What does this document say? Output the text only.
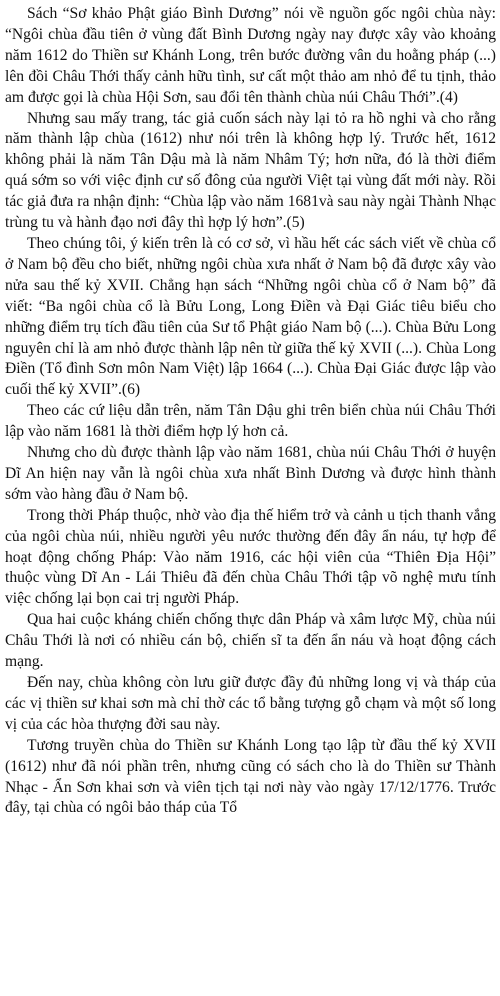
Sách “Sơ khảo Phật giáo Bình Dương” nói về nguồn gốc ngôi chùa này: “Ngôi chùa đầu tiên ở vùng đất Bình Dương ngày nay được xây vào khoảng năm 1612 do Thiền sư Khánh Long, trên bước đường vân du hoằng pháp (...) lên đồi Châu Thới thấy cảnh hữu tình, sư cất một thảo am nhỏ để tu tịnh, thảo am được gọi là chùa Hội Sơn, sau đổi tên thành chùa núi Châu Thới”.(4)

Nhưng sau mấy trang, tác giả cuốn sách này lại tỏ ra hồ nghi và cho rằng năm thành lập chùa (1612) như nói trên là không hợp lý. Trước hết, 1612 không phải là năm Tân Dậu mà là năm Nhâm Tý; hơn nữa, đó là thời điểm quá sớm so với việc định cư số đông của người Việt tại vùng đất mới này. Rồi tác giả đưa ra nhận định: “Chùa lập vào năm 1681và sau này ngài Thành Nhạc trùng tu và hành đạo nơi đây thì hợp lý hơn”.(5)

Theo chúng tôi, ý kiến trên là có cơ sở, vì hầu hết các sách viết về chùa cổ ở Nam bộ đều cho biết, những ngôi chùa xưa nhất ở Nam bộ đã được xây vào nửa sau thế kỷ XVII. Chẳng hạn sách “Những ngôi chùa cổ ở Nam bộ” đã viết: “Ba ngôi chùa cổ là Bửu Long, Long Điền và Đại Giác tiêu biểu cho những điểm trụ tích đầu tiên của Sư tổ Phật giáo Nam bộ (...). Chùa Bửu Long nguyên chỉ là am nhỏ được thành lập nên từ giữa thế kỷ XVII (...). Chùa Long Điền (Tổ đình Sơn môn Nam Việt) lập 1664 (...). Chùa Đại Giác được lập vào cuối thế kỷ XVII”.(6)

Theo các cứ liệu dẫn trên, năm Tân Dậu ghi trên biển chùa núi Châu Thới lập vào năm 1681 là thời điểm hợp lý hơn cả.

Nhưng cho dù được thành lập vào năm 1681, chùa núi Châu Thới ở huyện Dĩ An hiện nay vẫn là ngôi chùa xưa nhất Bình Dương và được hình thành sớm vào hàng đầu ở Nam bộ.

Trong thời Pháp thuộc, nhờ vào địa thế hiểm trở và cảnh u tịch thanh vắng của ngôi chùa núi, nhiều người yêu nước thường đến đây ẩn náu, tự hợp để hoạt động chống Pháp: Vào năm 1916, các hội viên của “Thiên Địa Hội” thuộc vùng Dĩ An - Lái Thiêu đã đến chùa Châu Thới tập võ nghệ mưu tính việc chống lại bọn cai trị người Pháp.

Qua hai cuộc kháng chiến chống thực dân Pháp và xâm lược Mỹ, chùa núi Châu Thới là nơi có nhiều cán bộ, chiến sĩ ta đến ẩn náu và hoạt động cách mạng.

Đến nay, chùa không còn lưu giữ được đầy đủ những long vị và tháp của các vị thiền sư khai sơn mà chỉ thờ các tổ bằng tượng gỗ chạm và một số long vị của các hòa thượng đời sau này.

Tương truyền chùa do Thiền sư Khánh Long tạo lập từ đầu thế kỷ XVII (1612) như đã nói phần trên, nhưng cũng có sách cho là do Thiền sư Thành Nhạc - Ẩn Sơn khai sơn và viên tịch tại nơi này vào ngày 17/12/1776. Trước đây, tại chùa có ngôi bảo tháp của Tổ
